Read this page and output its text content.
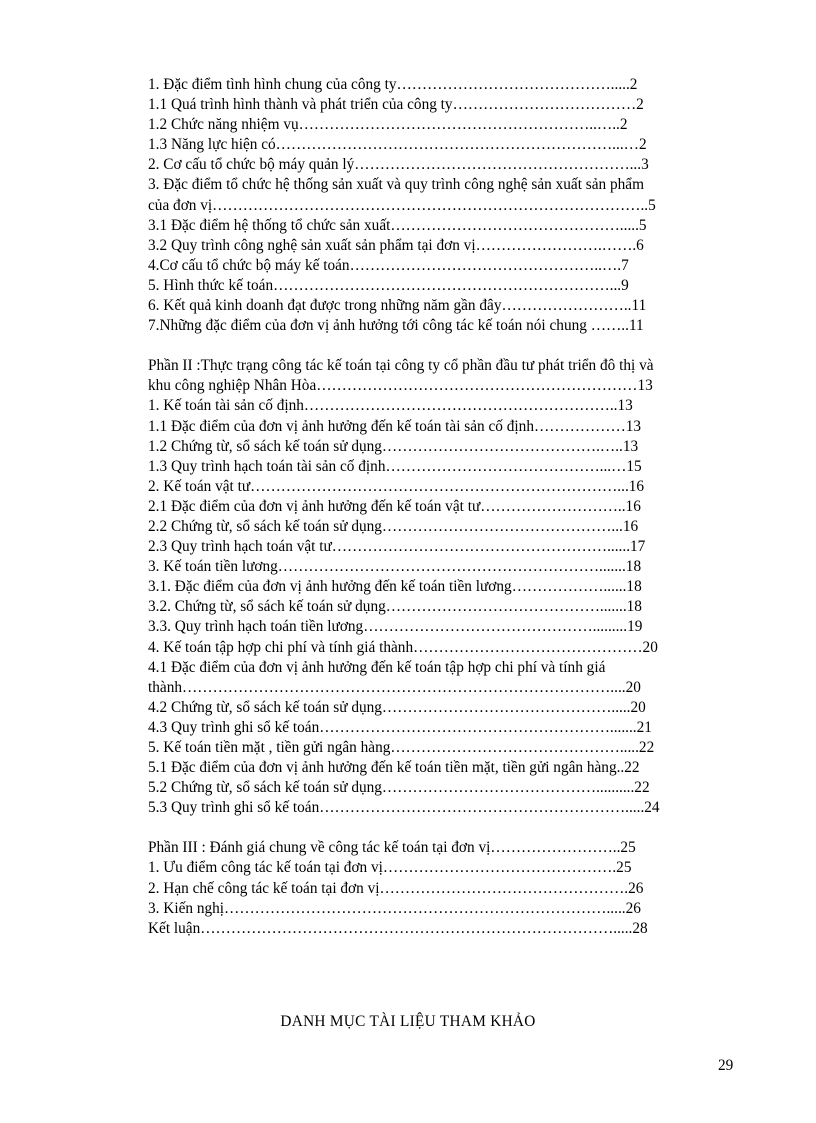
1. Đặc điểm tình hình chung của công ty…………………………………….....2
1.1 Quá trình hình thành và phát triển của công ty………………………………2
1.2 Chức năng nhiệm vụ…………………………………………………..…..2
1.3 Năng lực hiện có…………………………………………………………...…2
2. Cơ cấu tổ chức bộ máy quản lý………………………………………………...3
3. Đặc điểm tổ chức hệ thống sản xuất và quy trình công nghệ sản xuất sản phẩm
của đơn vị…………………………………………………………………………..5
3.1 Đặc điểm hệ thống tổ chức sản xuất……………………………………….....5
3.2 Quy trình công nghệ sản xuất sản phẩm tại đơn vị…………………….…….6
4.Cơ cấu tổ chức bộ máy kế toán…………………………………………..….7
5. Hình thức kế toán…………………………………………………………...9
6. Kết quả kinh doanh đạt được trong những năm gần đây……………………..11
7.Những đặc điểm của đơn vị ảnh hưởng tới công tác kế toán nói chung ……..11
Phần II :Thực trạng công tác kế toán tại công ty cổ phần đầu tư phát triển đô thị và
khu công nghiệp Nhân Hòa………………………………………………………13
1. Kế toán tài sản cố định……………………………………………………..13
1.1 Đặc điểm của đơn vị ảnh hưởng đến kế toán tài sản cố định………………13
1.2 Chứng từ, sổ sách kế toán sử dụng…………………………………….…..13
1.3 Quy trình hạch toán tài sản cố định……………………………………...…15
2. Kế toán vật tư………………………………………………………………...16
2.1 Đặc điểm của đơn vị ảnh hưởng đến kế toán vật tư………………………..16
2.2 Chứng từ, sổ sách kế toán sử dụng………………………………………...16
2.3 Quy trình hạch toán vật tư………………………………………………......17
3. Kế toán tiền lương……………………………………………………….......18
3.1. Đặc điểm của đơn vị ảnh hưởng đến kế toán tiền lương………………......18
3.2. Chứng từ, sổ sách kế toán sử dụng…………………………………….......18
3.3. Quy trình hạch toán tiền lương……………………………………….........19
4. Kế toán tập hợp chi phí và tính giá thành………………………………………20
4.1 Đặc điểm của đơn vị ảnh hưởng đến kế toán tập hợp chi phí và tính giá
thành…………………………………………………………………………....20
4.2 Chứng từ, sổ sách kế toán sử dụng……………………………………….....20
4.3 Quy trình ghi sổ kế toán………………………………………………….......21
5. Kế toán tiền mặt , tiền gửi ngân hàng……………………………………….....22
5.1 Đặc điểm của đơn vị ảnh hưởng đến kế toán tiền mặt, tiền gửi ngân hàng..22
5.2 Chứng từ, sổ sách kế toán sử dụng……………………………………..........22
5.3 Quy trình ghi sổ kế toán…………………………………………………….....24
Phần III : Đánh giá chung về công tác kế toán tại đơn vị……………………..25
1. Ưu điểm công tác kế toán tại đơn vị……………………………………….25
2. Hạn chế công tác kế toán tại đơn vị………………………………………….26
3. Kiến nghị………………………………………………………………….....26
Kết luận……………………………………………………………………….....28
DANH MỤC TÀI LIỆU THAM KHẢO
29
